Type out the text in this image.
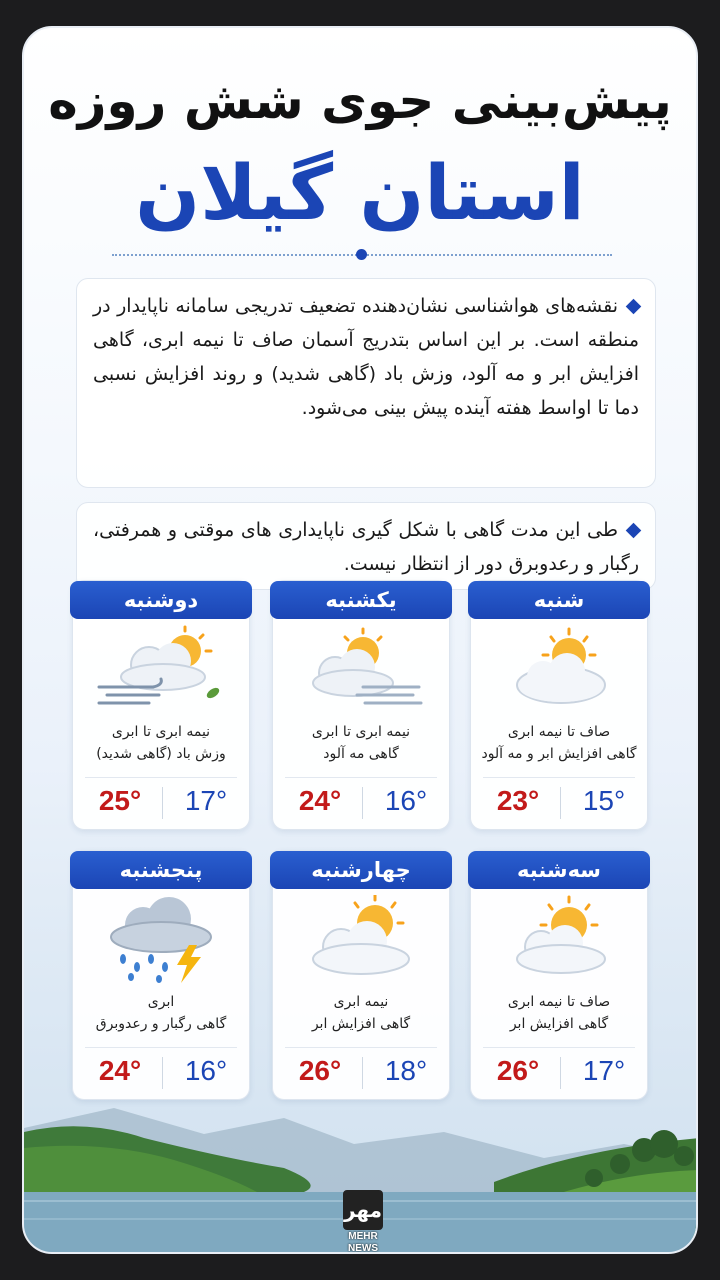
پیش‌بینی جوی شش روزه
استان گیلان
نقشه‌های هواشناسی نشان‌دهنده تضعیف تدریجی سامانه ناپایدار در منطقه است. بر این اساس بتدریج آسمان صاف تا نیمه ابری، گاهی افزایش ابر و مه آلود، وزش باد (گاهی شدید) و روند افزایش نسبی دما تا اواسط هفته آینده پیش بینی می‌شود.
طی این مدت گاهی با شکل گیری ناپایداری های موقتی و همرفتی، رگبار و رعدوبرق دور از انتظار نیست.
شنبه
صاف تا نیمه ابری
گاهی افزایش ابر و مه آلود
23°	15°
یکشنبه
نیمه ابری تا ابری
گاهی مه آلود
24°	16°
دوشنبه
نیمه ابری تا ابری
وزش باد (گاهی شدید)
25°	17°
سه‌شنبه
صاف تا نیمه ابری
گاهی افزایش ابر
26°	17°
چهارشنبه
نیمه ابری
گاهی افزایش ابر
26°	18°
پنجشنبه
ابری
گاهی رگبار و رعدوبرق
24°	16°
مهر
MEHR
NEWS
